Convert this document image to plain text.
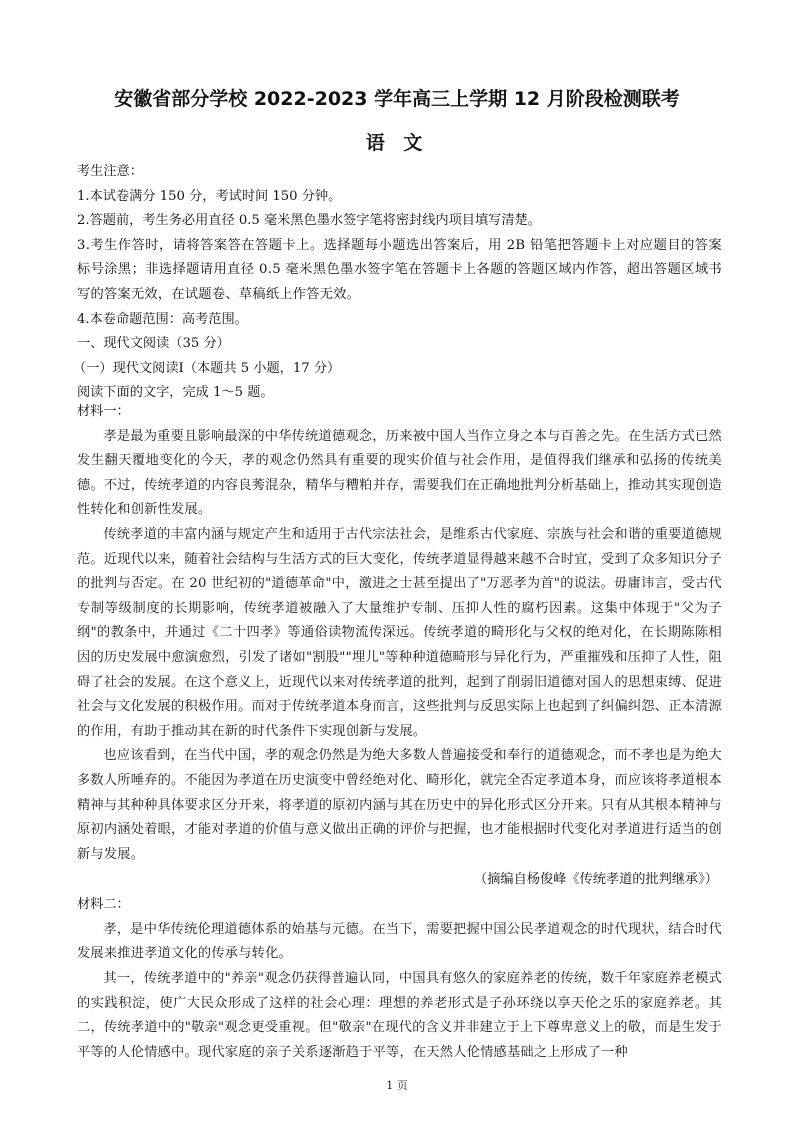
安徽省部分学校 2022-2023 学年高三上学期 12 月阶段检测联考
语 文
考生注意：
1.本试卷满分 150 分，考试时间 150 分钟。
2.答题前，考生务必用直径 0.5 毫米黑色墨水签字笔将密封线内项目填写清楚。
3.考生作答时，请将答案答在答题卡上。选择题每小题选出答案后，用 2B 铅笔把答题卡上对应题目的答案标号涂黑；非选择题请用直径 0.5 毫米黑色墨水签字笔在答题卡上各题的答题区域内作答，超出答题区域书写的答案无效，在试题卷、草稿纸上作答无效。
4.本卷命题范围：高考范围。
一、现代文阅读（35 分）
（一）现代文阅读Ⅰ（本题共 5 小题，17 分）
阅读下面的文字，完成 1～5 题。

材料一：

孝是最为重要且影响最深的中华传统道德观念，历来被中国人当作立身之本与百善之先。在生活方式已然发生翻天覆地变化的今天，孝的观念仍然具有重要的现实价值与社会作用，是值得我们继承和弘扬的传统美德。不过，传统孝道的内容良莠混杂，精华与糟粕并存，需要我们在正确地批判分析基础上，推动其实现创造性转化和创新性发展。

传统孝道的丰富内涵与规定产生和适用于古代宗法社会，是维系古代家庭、宗族与社会和谐的重要道德规范。近现代以来，随着社会结构与生活方式的巨大变化，传统孝道显得越来越不合时宜，受到了众多知识分子的批判与否定。在 20 世纪初的"道德革命"中，激进之士甚至提出了"万恶孝为首"的说法。毋庸讳言，受古代专制等级制度的长期影响，传统孝道被融入了大量维护专制、压抑人性的腐朽因素。这集中体现于"父为子纲"的教条中，并通过《二十四孝》等通俗读物流传深远。传统孝道的畸形化与父权的绝对化，在长期陈陈相因的历史发展中愈演愈烈，引发了诸如"割股""埋儿"等种种道德畸形与异化行为，严重摧残和压抑了人性，阻碍了社会的发展。在这个意义上，近现代以来对传统孝道的批判，起到了削弱旧道德对国人的思想束缚、促进社会与文化发展的积极作用。而对于传统孝道本身而言，这些批判与反思实际上也起到了纠偏纠怨、正本清源的作用，有助于推动其在新的时代条件下实现创新与发展。

也应该看到，在当代中国，孝的观念仍然是为绝大多数人普遍接受和奉行的道德观念，而不孝也是为绝大多数人所唾弃的。不能因为孝道在历史演变中曾经绝对化、畸形化，就完全否定孝道本身，而应该将孝道根本精神与其种种具体要求区分开来，将孝道的原初内涵与其在历史中的异化形式区分开来。只有从其根本精神与原初内涵处着眼，才能对孝道的价值与意义做出正确的评价与把握，也才能根据时代变化对孝道进行适当的创新与发展。

（摘编自杨俊峰《传统孝道的批判继承》）

材料二：

孝，是中华传统伦理道德体系的始基与元德。在当下，需要把握中国公民孝道观念的时代现状，结合时代发展来推进孝道文化的传承与转化。

其一，传统孝道中的"养亲"观念仍获得普遍认同，中国具有悠久的家庭养老的传统，数千年家庭养老模式的实践积淀，使广大民众形成了这样的社会心理：理想的养老形式是子孙环绕以享天伦之乐的家庭养老。其二，传统孝道中的"敬亲"观念更受重视。但"敬亲"在现代的含义并非建立于上下尊卑意义上的敬，而是生发于平等的人伦情感中。现代家庭的亲子关系逐渐趋于平等，在天然人伦情感基础之上形成了一种

1 页
